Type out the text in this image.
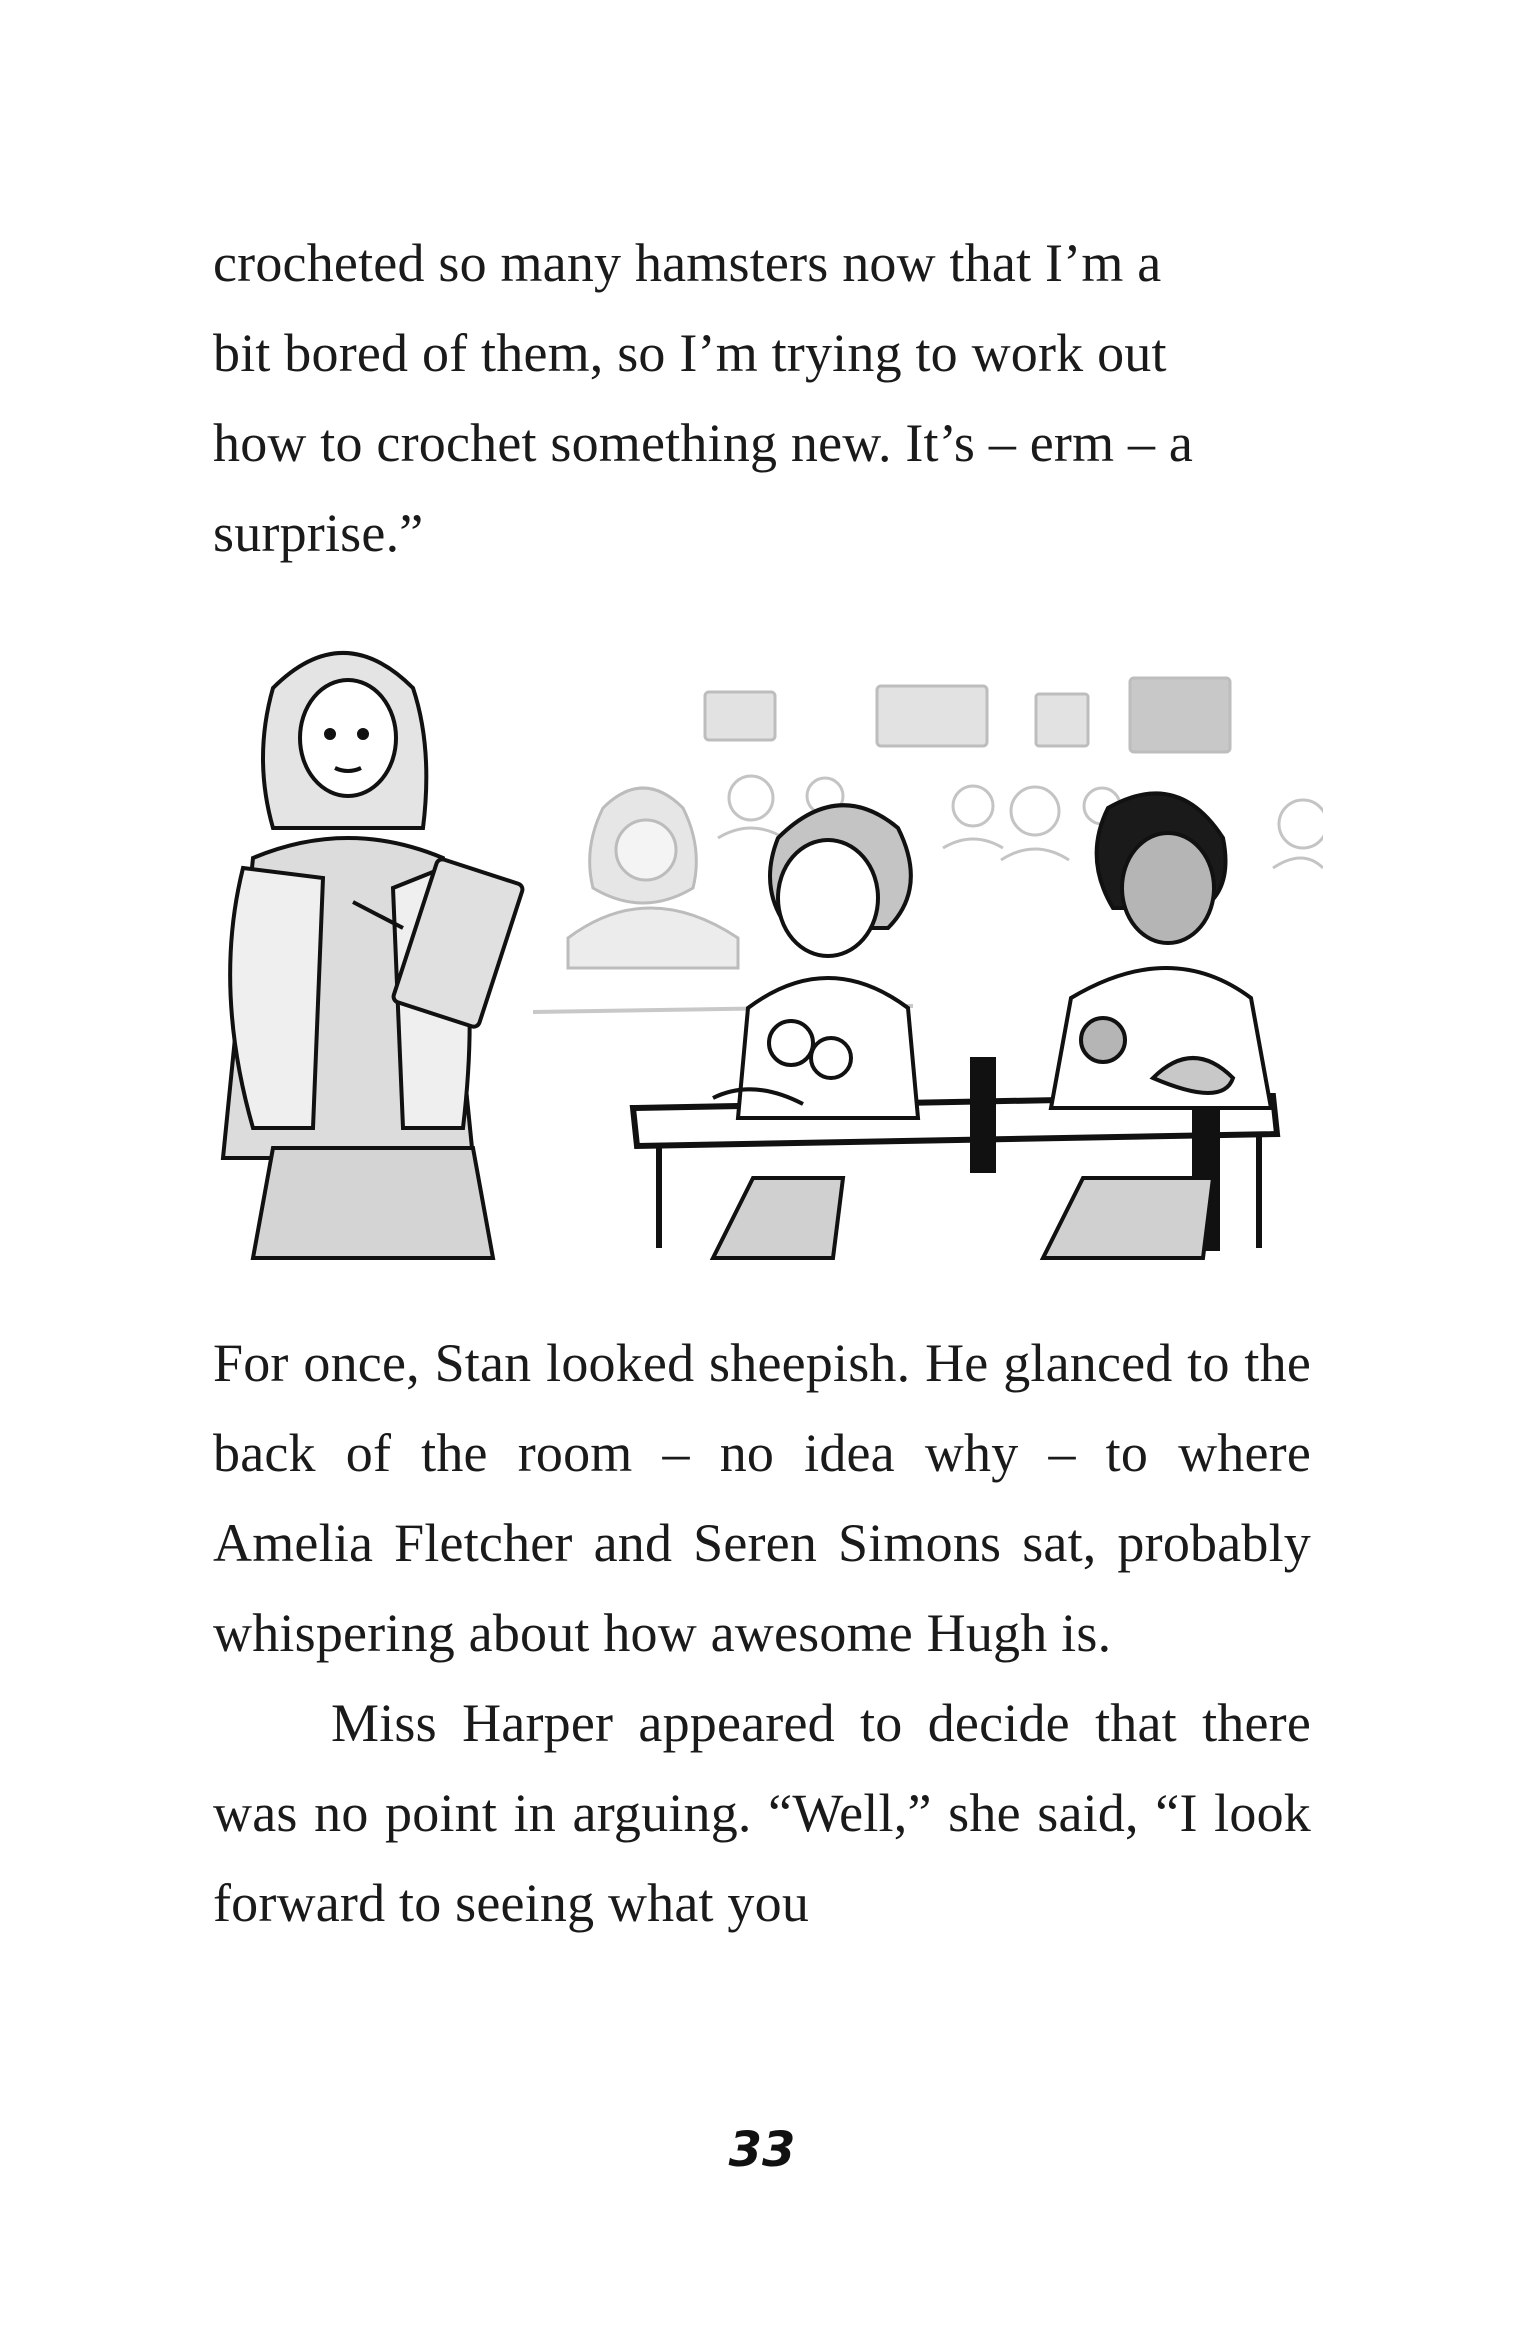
crocheted so many hamsters now that I’m a

bit bored of them, so I’m trying to work out

how to crochet something new. It’s – erm – a

surprise.”

For once, Stan looked sheepish. He glanced to the back of the room – no idea why – to where Amelia Fletcher and Seren Simons sat, probably whispering about how awesome Hugh is.

Miss Harper appeared to decide that there was no point in arguing. “Well,” she said, “I look forward to seeing what you

33
